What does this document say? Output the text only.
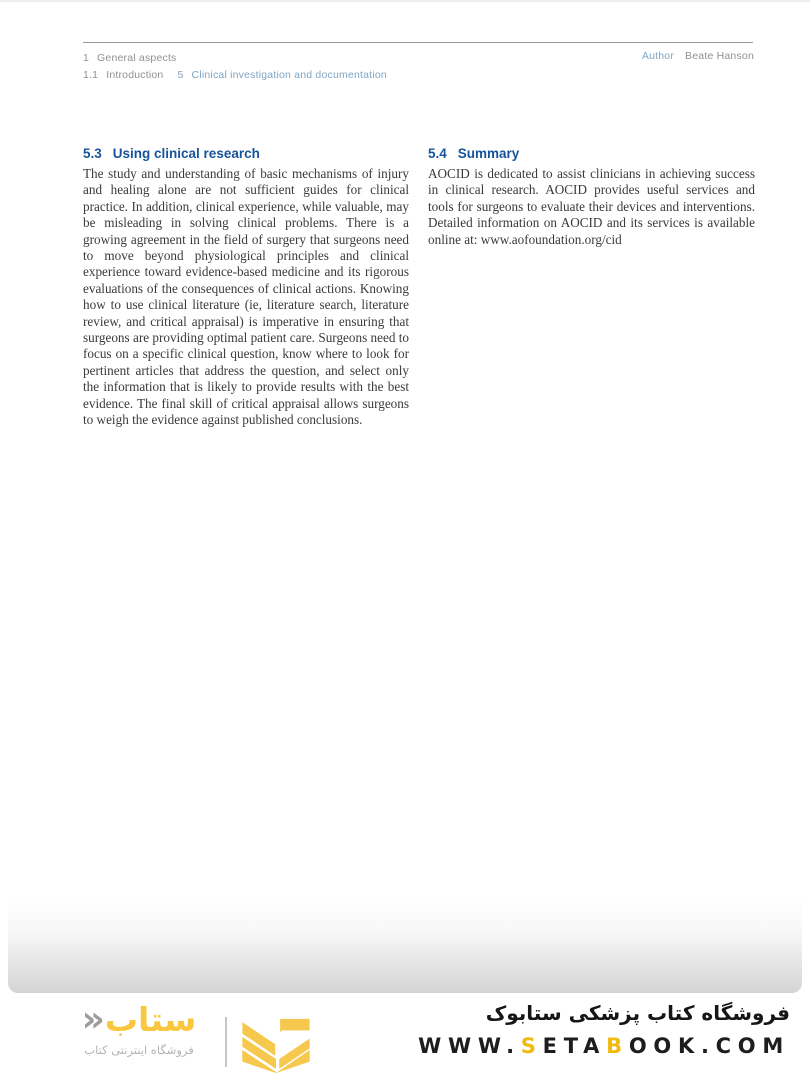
1 General aspects
1.1 Introduction 5 Clinical investigation and documentation
Author Beate Hanson
5.3 Using clinical research
The study and understanding of basic mechanisms of injury and healing alone are not sufficient guides for clinical practice. In addition, clinical experience, while valuable, may be misleading in solving clinical problems. There is a growing agreement in the field of surgery that surgeons need to move beyond physiological principles and clinical experience toward evidence-based medicine and its rigorous evaluations of the consequences of clinical actions. Knowing how to use clinical literature (ie, literature search, literature review, and critical appraisal) is imperative in ensuring that surgeons are providing optimal patient care. Surgeons need to focus on a specific clinical question, know where to look for pertinent articles that address the question, and select only the information that is likely to provide results with the best evidence. The final skill of critical appraisal allows surgeons to weigh the evidence against published conclusions.
5.4 Summary
AOCID is dedicated to assist clinicians in achieving success in clinical research. AOCID provides useful services and tools for surgeons to evaluate their devices and interventions. Detailed information on AOCID and its services is available online at: www.aofoundation.org/cid
ستاب«
فروشگاه اینترنتی کتاب
فروشگاه کتاب پزشکی ستابوک
WWW.SETABOOK.COM
